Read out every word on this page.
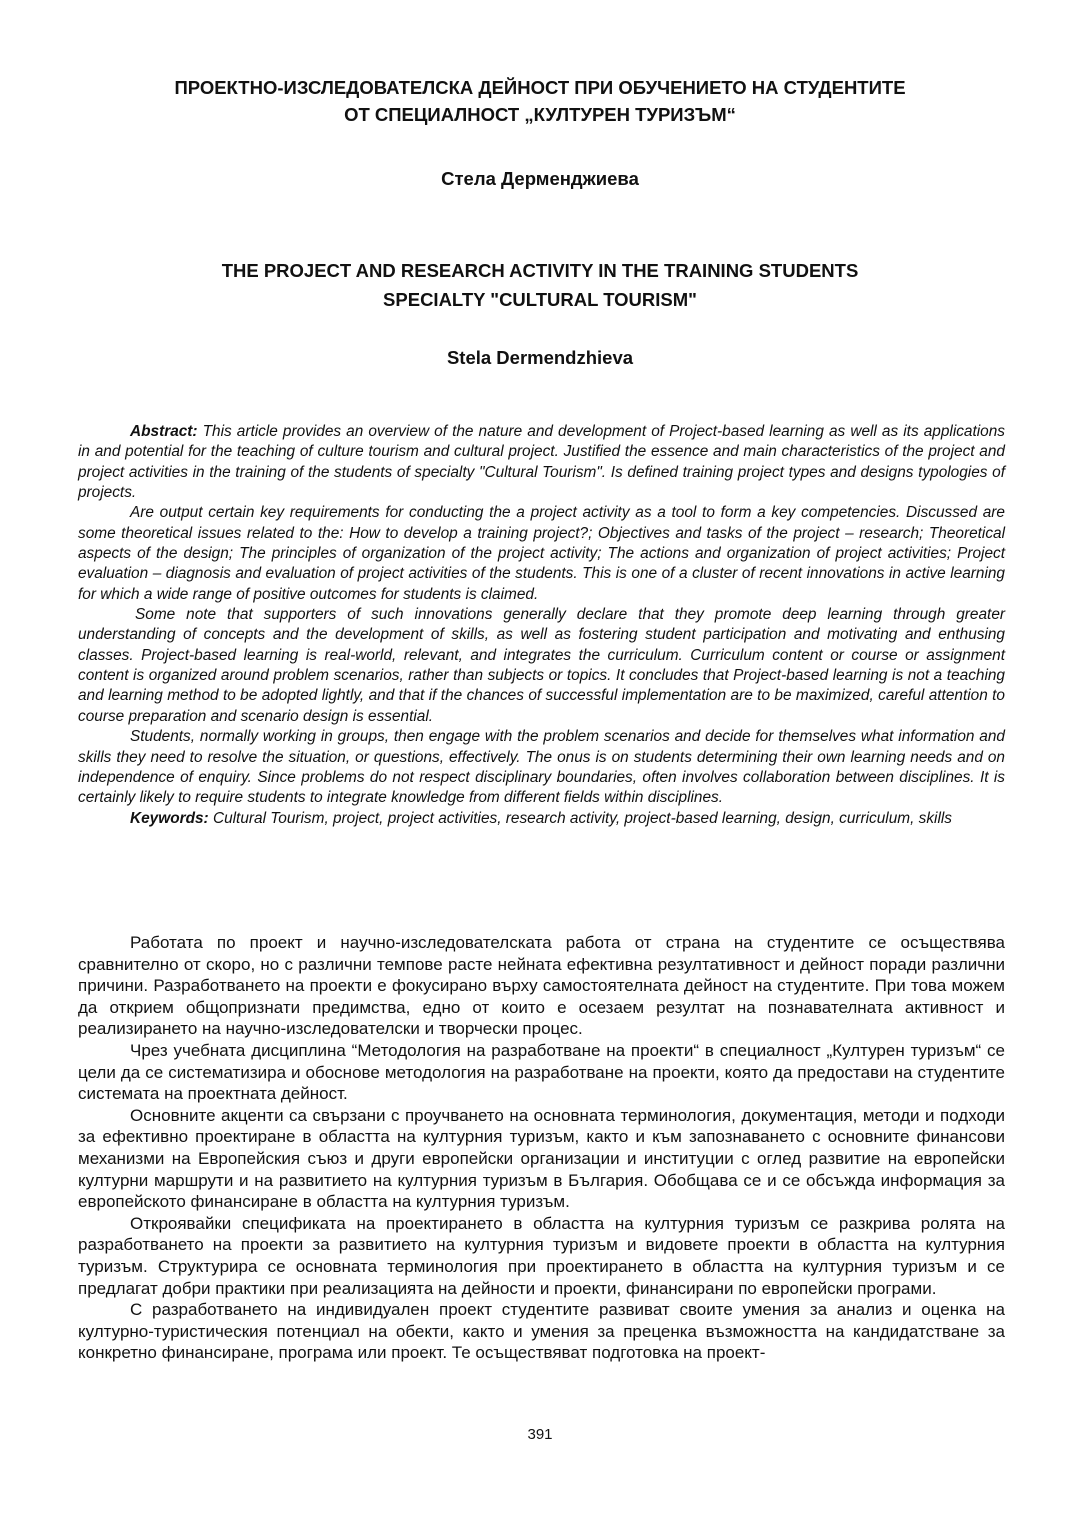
ПРОЕКТНО-ИЗСЛЕДОВАТЕЛСКА ДЕЙНОСТ ПРИ ОБУЧЕНИЕТО НА СТУДЕНТИТЕ
ОТ СПЕЦИАЛНОСТ „КУЛТУРЕН ТУРИЗЪМ“
Стела Дерменджиева
THE PROJECT AND RESEARCH ACTIVITY IN THE TRAINING STUDENTS
SPECIALTY "CULTURAL TOURISM"
Stela Dermendzhieva

Abstract: This article provides an overview of the nature and development of Project-based learning as well as its applications in and potential for the teaching of culture tourism and cultural project. Justified the essence and main characteristics of the project and project activities in the training of the students of specialty "Cultural Tourism". Is defined training project types and designs typologies of projects.

Are output certain key requirements for conducting the a project activity as a tool to form a key competencies. Discussed are some theoretical issues related to the: How to develop a training project?; Objectives and tasks of the project – research; Theoretical aspects of the design; The principles of organization of the project activity; The actions and organization of project activities; Project evaluation – diagnosis and evaluation of project activities of the students. This is one of a cluster of recent innovations in active learning for which a wide range of positive outcomes for students is claimed.

Some note that supporters of such innovations generally declare that they promote deep learning through greater understanding of concepts and the development of skills, as well as fostering student participation and motivating and enthusing classes. Project-based learning is real-world, relevant, and integrates the curriculum. Curriculum content or course or assignment content is organized around problem scenarios, rather than subjects or topics. It concludes that Project-based learning is not a teaching and learning method to be adopted lightly, and that if the chances of successful implementation are to be maximized, careful attention to course preparation and scenario design is essential.

Students, normally working in groups, then engage with the problem scenarios and decide for themselves what information and skills they need to resolve the situation, or questions, effectively. The onus is on students determining their own learning needs and on independence of enquiry. Since problems do not respect disciplinary boundaries, often involves collaboration between disciplines. It is certainly likely to require students to integrate knowledge from different fields within disciplines.

Keywords: Cultural Tourism, project, project activities, research activity, project-based learning, design, curriculum, skills

Работата по проект и научно-изследователската работа от страна на студентите се осъществява сравнително от скоро, но с различни темпове расте нейната ефективна резултативност и дейност поради различни причини. Разработването на проекти е фокусирано върху самостоятелната дейност на студентите. При това можем да открием общопризнати предимства, едно от които е осезаем резултат на познавателната активност и реализирането на научно-изследователски и творчески процес.

Чрез учебната дисциплина “Методология на разработване на проекти“ в специалност „Културен туризъм“ се цели да се систематизира и обоснове методология на разработване на проекти, която да предостави на студентите системата на проектната дейност.

Основните акценти са свързани с проучването на основната терминология, документация, методи и подходи за ефективно проектиране в областта на културния туризъм, както и към запознаването с основните финансови механизми на Европейския съюз и други европейски организации и институции с оглед развитие на европейски културни маршрути и на развитието на културния туризъм в България. Обобщава се и се обсъжда информация за европейското финансиране в областта на културния туризъм.

Откроявайки спецификата на проектирането в областта на културния туризъм се разкрива ролята на разработването на проекти за развитието на културния туризъм и видовете проекти в областта на културния туризъм. Структурира се основната терминология при проектирането в областта на културния туризъм и се предлагат добри практики при реализацията на дейности и проекти, финансирани по европейски програми.

С разработването на индивидуален проект студентите развиват своите умения за анализ и оценка на културно-туристическия потенциал на обекти, както и умения за преценка възможността на кандидатстване за конкретно финансиране, програма или проект. Те осъществяват подготовка на проект-

391
